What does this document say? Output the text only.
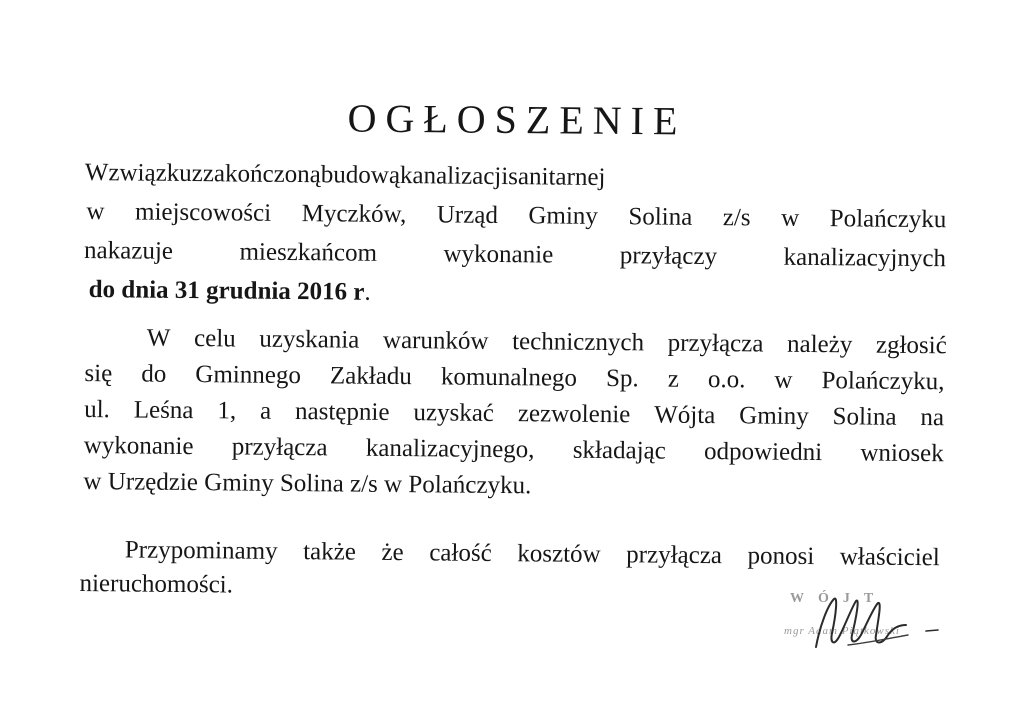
OGŁOSZENIE
W związku z zakończoną budową kanalizacji sanitarnej
w miejscowości Myczków, Urząd Gminy Solina z/s w Polańczyku
nakazuje	mieszkańcom	wykonanie	przyłączy	kanalizacyjnych
do dnia 31 grudnia 2016 r.
W celu uzyskania warunków technicznych przyłącza należy zgłosić
się do Gminnego Zakładu komunalnego Sp. z o.o. w Polańczyku,
ul. Leśna 1, a następnie uzyskać zezwolenie Wójta Gminy Solina na
wykonanie przyłącza kanalizacyjnego, składając odpowiedni wniosek
w Urzędzie Gminy Solina z/s w Polańczyku.
Przypominamy także że całość kosztów przyłącza ponosi właściciel
nieruchomości.
WÓJT
mgr Adam Piątkowski
